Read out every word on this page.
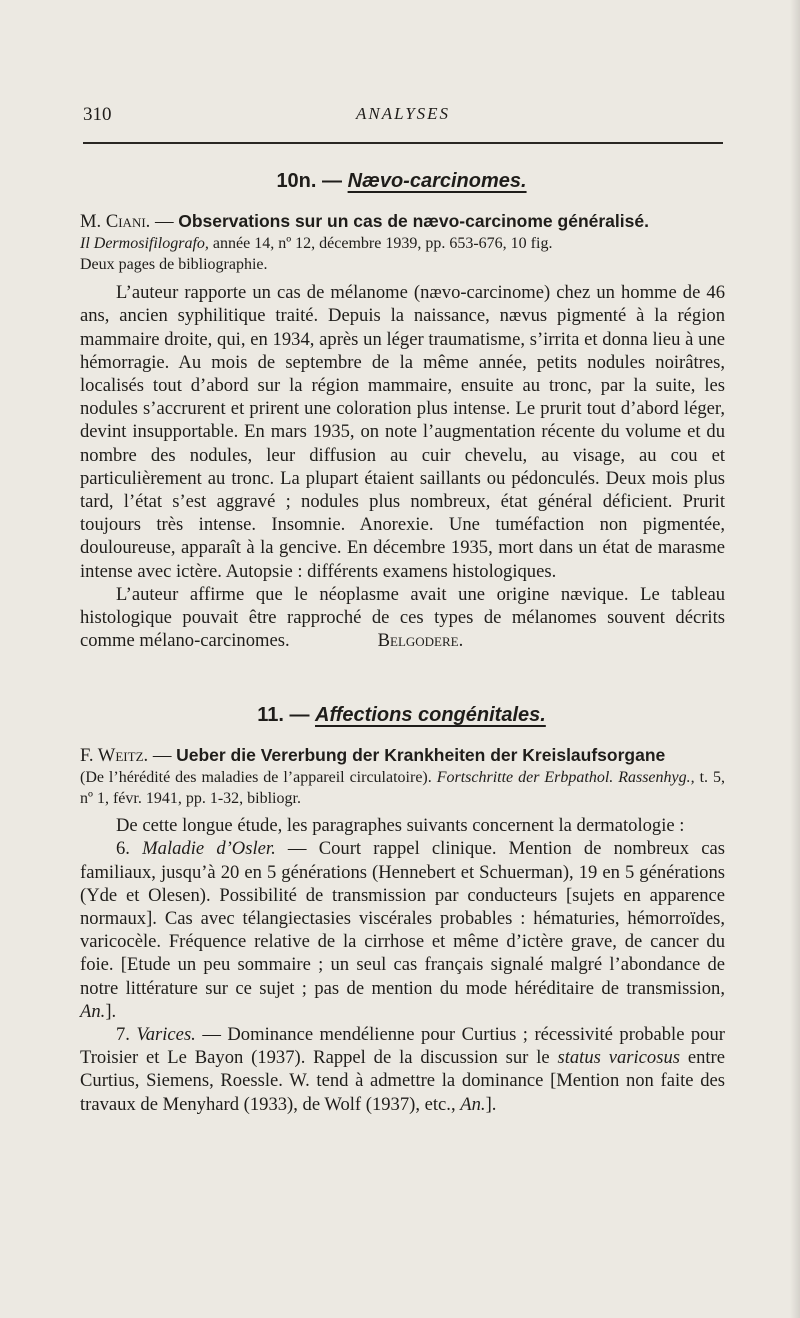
310	ANALYSES
10n. — Nævo-carcinomes.

M. Ciani. — Observations sur un cas de nævo-carcinome généralisé.

Il Dermosifilografo, année 14, nº 12, décembre 1939, pp. 653-676, 10 fig.
Deux pages de bibliographie.

L’auteur rapporte un cas de mélanome (nævo-carcinome) chez un homme de 46 ans, ancien syphilitique traité. Depuis la naissance, nævus pigmenté à la région mammaire droite, qui, en 1934, après un léger traumatisme, s’irrita et donna lieu à une hémorragie. Au mois de septembre de la même année, petits nodules noirâtres, localisés tout d’abord sur la région mammaire, ensuite au tronc, par la suite, les nodules s’accrurent et prirent une coloration plus intense. Le prurit tout d’abord léger, devint insupportable. En mars 1935, on note l’augmentation récente du volume et du nombre des nodules, leur diffusion au cuir chevelu, au visage, au cou et particulièrement au tronc. La plupart étaient saillants ou pédonculés. Deux mois plus tard, l’état s’est aggravé ; nodules plus nombreux, état général déficient. Prurit toujours très intense. Insomnie. Anorexie. Une tuméfaction non pigmentée, douloureuse, apparaît à la gencive. En décembre 1935, mort dans un état de marasme intense avec ictère. Autopsie : différents examens histologiques.

L’auteur affirme que le néoplasme avait une origine nævique. Le tableau histologique pouvait être rapproché de ces types de mélanomes souvent décrits comme mélano-carcinomes.	Belgodere.

11. — Affections congénitales.

F. Weitz. — Ueber die Vererbung der Krankheiten der Kreislaufsorgane

(De l’hérédité des maladies de l’appareil circulatoire). Fortschritte der Erbpathol. Rassenhyg., t. 5, nº 1, févr. 1941, pp. 1-32, bibliogr.

De cette longue étude, les paragraphes suivants concernent la dermatologie :

6. Maladie d’Osler. — Court rappel clinique. Mention de nombreux cas familiaux, jusqu’à 20 en 5 générations (Hennebert et Schuerman), 19 en 5 générations (Yde et Olesen). Possibilité de transmission par conducteurs [sujets en apparence normaux]. Cas avec télangiectasies viscérales probables : hématuries, hémorroïdes, varicocèle. Fréquence relative de la cirrhose et même d’ictère grave, de cancer du foie. [Etude un peu sommaire ; un seul cas français signalé malgré l’abondance de notre littérature sur ce sujet ; pas de mention du mode héréditaire de transmission, An.].

7. Varices. — Dominance mendélienne pour Curtius ; récessivité probable pour Troisier et Le Bayon (1937). Rappel de la discussion sur le status varicosus entre Curtius, Siemens, Roessle. W. tend à admettre la dominance [Mention non faite des travaux de Menyhard (1933), de Wolf (1937), etc., An.].
